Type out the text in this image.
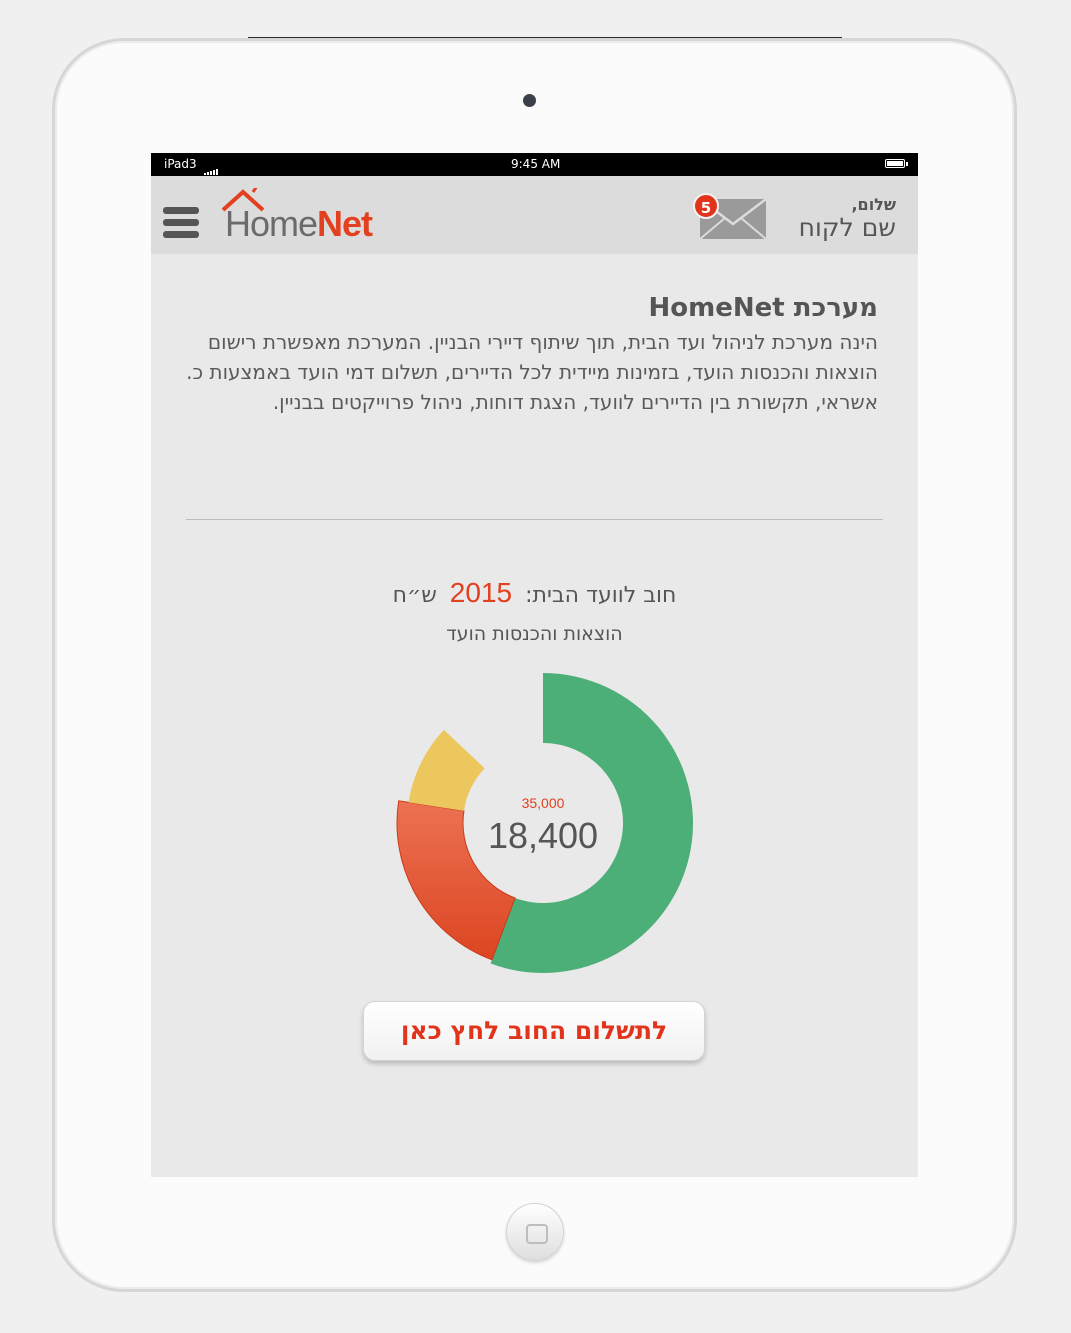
iPad3	9:45 AM
HomeNet	5	שלום,
שם לקוח
מערכת HomeNet

הינה מערכת לניהול ועד הבית, תוך שיתוף דיירי הבניין. המערכת מאפשרת רישום הוצאות והכנסות הועד, בזמינות מיידית לכל הדיירים, תשלום דמי הועד באמצעות כ. אשראי, תקשורת בין הדיירים לוועד, הצגת דוחות, ניהול פרוייקטים בבניין.

חוב לוועד הבית: 2015 ש״ח
הוצאות והכנסות הועד
35,000
18,400
לתשלום החוב לחץ כאן
